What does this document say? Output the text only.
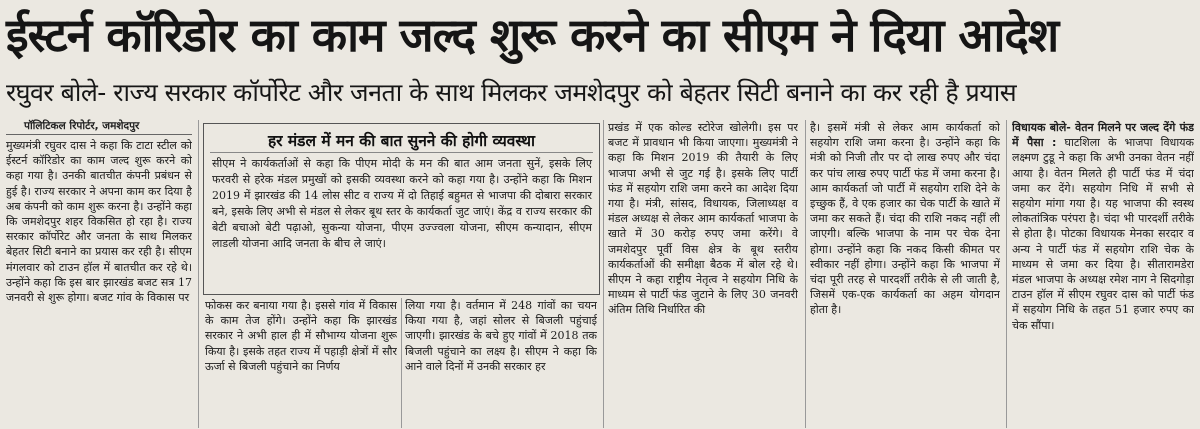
ईस्टर्न कॉरिडोर का काम जल्द शुरू करने का सीएम ने दिया आदेश
रघुवर बोले- राज्य सरकार कॉर्पोरेट और जनता के साथ मिलकर जमशेदपुर को बेहतर सिटी बनाने का कर रही है प्रयास
पॉलिटिकल रिपोर्टर, जमशेदपुर
मुख्यमंत्री रघुवर दास ने कहा कि टाटा स्टील को ईस्टर्न कॉरिडोर का काम जल्द शुरू करने को कहा गया है। उनकी बातचीत कंपनी प्रबंधन से हुई है। राज्य सरकार ने अपना काम कर दिया है अब कंपनी को काम शुरू करना है। उन्होंने कहा कि जमशेदपुर शहर विकसित हो रहा है। राज्य सरकार कॉर्पोरेट और जनता के साथ मिलकर बेहतर सिटी बनाने का प्रयास कर रही है। सीएम मंगलवार को टाउन हॉल में बातचीत कर रहे थे। उन्होंने कहा कि इस बार झारखंड बजट सत्र 17 जनवरी से शुरू होगा। बजट गांव के विकास पर
हर मंडल में मन की बात सुनने की होगी व्यवस्था
सीएम ने कार्यकर्ताओं से कहा कि पीएम मोदी के मन की बात आम जनता सुनें, इसके लिए फरवरी से हरेक मंडल प्रमुखों को इसकी व्यवस्था करने को कहा गया है। उन्होंने कहा कि मिशन 2019 में झारखंड की 14 लोस सीट व राज्य में दो तिहाई बहुमत से भाजपा की दोबारा सरकार बने, इसके लिए अभी से मंडल से लेकर बूथ स्तर के कार्यकर्ता जुट जाएं। केंद्र व राज्य सरकार की बेटी बचाओ बेटी पढ़ाओ, सुकन्या योजना, पीएम उज्ज्वला योजना, सीएम कन्यादान, सीएम लाडली योजना आदि जनता के बीच ले जाएं।
फोकस कर बनाया गया है। इससे गांव में विकास के काम तेज होंगे। उन्होंने कहा कि झारखंड सरकार ने अभी हाल ही में सौभाग्य योजना शुरू किया है। इसके तहत राज्य में पहाड़ी क्षेत्रों में सौर ऊर्जा से बिजली पहुंचाने का निर्णय
लिया गया है। वर्तमान में 248 गांवों का चयन किया गया है, जहां सोलर से बिजली पहुंचाई जाएगी। झारखंड के बचे हुए गांवों में 2018 तक बिजली पहुंचाने का लक्ष्य है। सीएम ने कहा कि आने वाले दिनों में उनकी सरकार हर
प्रखंड में एक कोल्ड स्टोरेज खोलेगी। इस पर बजट में प्रावधान भी किया जाएगा। मुख्यमंत्री ने कहा कि मिशन 2019 की तैयारी के लिए भाजपा अभी से जुट गई है। इसके लिए पार्टी फंड में सहयोग राशि जमा करने का आदेश दिया गया है। मंत्री, सांसद, विधायक, जिलाध्यक्ष व मंडल अध्यक्ष से लेकर आम कार्यकर्ता भाजपा के खाते में 30 करोड़ रुपए जमा करेंगे। वे जमशेदपुर पूर्वी विस क्षेत्र के बूथ स्तरीय कार्यकर्ताओं की समीक्षा बैठक में बोल रहे थे। सीएम ने कहा राष्ट्रीय नेतृत्व ने सहयोग निधि के माध्यम से पार्टी फंड जुटाने के लिए 30 जनवरी अंतिम तिथि निर्धारित की
है। इसमें मंत्री से लेकर आम कार्यकर्ता को सहयोग राशि जमा करना है। उन्होंने कहा कि मंत्री को निजी तौर पर दो लाख रुपए और चंदा कर पांच लाख रुपए पार्टी फंड में जमा करना है। आम कार्यकर्ता जो पार्टी में सहयोग राशि देने के इच्छुक हैं, वे एक हजार का चेक पार्टी के खाते में जमा कर सकते हैं। चंदा की राशि नकद नहीं ली जाएगी। बल्कि भाजपा के नाम पर चेक देना होगा। उन्होंने कहा कि नकद किसी कीमत पर स्वीकार नहीं होगा। उन्होंने कहा कि भाजपा में चंदा पूरी तरह से पारदर्शी तरीके से ली जाती है, जिसमें एक-एक कार्यकर्ता का अहम योगदान होता है।
विधायक बोले- वेतन मिलने पर जल्द देंगे फंड में पैसा : घाटशिला के भाजपा विधायक लक्ष्मण टुडू ने कहा कि अभी उनका वेतन नहीं आया है। वेतन मिलते ही पार्टी फंड में चंदा जमा कर देंगे। सहयोग निधि में सभी से सहयोग मांगा गया है। यह भाजपा की स्वस्थ लोकतांत्रिक परंपरा है। चंदा भी पारदर्शी तरीके से होता है। पोटका विधायक मेनका सरदार व अन्य ने पार्टी फंड में सहयोग राशि चेक के माध्यम से जमा कर दिया है। सीतारामडेरा मंडल भाजपा के अध्यक्ष रमेश नाग ने सिदगोड़ा टाउन हॉल में सीएम रघुवर दास को पार्टी फंड में सहयोग निधि के तहत 51 हजार रुपए का चेक सौंपा।
